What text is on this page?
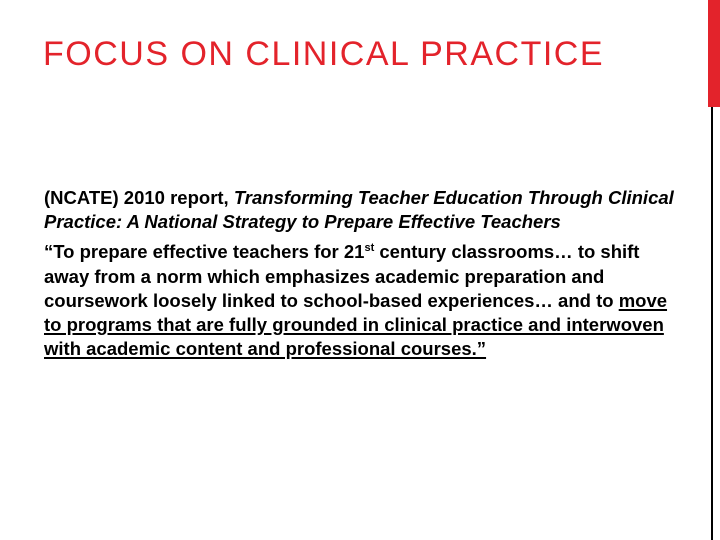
FOCUS ON CLINICAL PRACTICE

(NCATE) 2010 report, Transforming Teacher Education Through Clinical Practice: A National Strategy to Prepare Effective Teachers

“To prepare effective teachers for 21st century classrooms… to shift away from a norm which emphasizes academic preparation and coursework loosely linked to school-based experiences… and to move to programs that are fully grounded in clinical practice and interwoven with academic content and professional courses.”
